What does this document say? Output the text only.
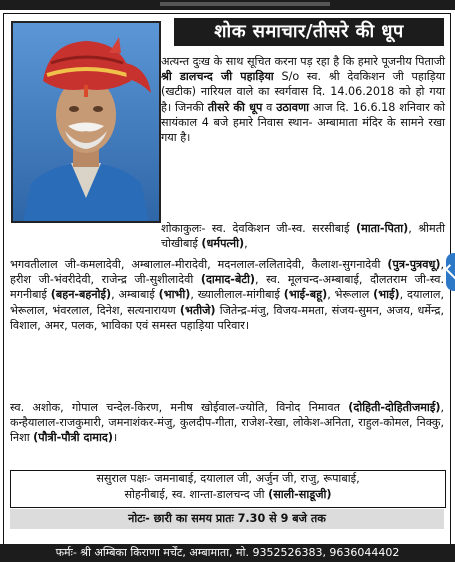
शोक समाचार/तीसरे की धूप
अत्यन्त दुःख के साथ सूचित करना पड़ रहा है कि हमारे पूजनीय पिताजी श्री डालचन्द जी पहाड़िया S/o स्व. श्री देवकिशन जी पहाड़िया (खटीक) नारियल वाले का स्वर्गवास दि. 14.06.2018 को हो गया है। जिनकी तीसरे की धूप व उठावणा आज दि. 16.6.18 शनिवार को सायंकाल 4 बजे हमारे निवास स्थान- अम्बामाता मंदिर के सामने रखा गया है।
शोकाकुलः- स्व. देवकिशन जी-स्व. सरसीबाई (माता-पिता), श्रीमती चोखीबाई (धर्मपत्नी),
भगवतीलाल जी-कमलादेवी, अम्बालाल-मीरादेवी, मदनलाल-ललितादेवी, कैलाश-सुगनादेवी (पुत्र-पुत्रवधू), हरीश जी-भंवरीदेवी, राजेन्द्र जी-सुशीलादेवी (दामाद-बेटी), स्व. मूलचन्द-अम्बाबाई, दौलतराम जी-स्व. मगनीबाई (बहन-बहनोई), अम्बाबाई (भाभी), ख्यालीलाल-मांगीबाई (भाई-बहू), भेरूलाल (भाई), दयालाल, भेरूलाल, भंवरलाल, दिनेश, सत्यनारायण (भतीजे) जितेन्द्र-मंजु, विजय-ममता, संजय-सुमन, अजय, धर्मेन्द्र, विशाल, अमर, पलक, भाविका एवं समस्त पहाड़िया परिवार।
स्व. अशोक, गोपाल चन्देल-किरण, मनीष खोईवाल-ज्योति, विनोद निमावत (दोहिती-दोहितीजमाई), कन्हैयालाल-राजकुमारी, जमनाशंकर-मंजु, कुलदीप-गीता, राजेश-रेखा, लोकेश-अनिता, राहुल-कोमल, निक्कु, निशा (पौत्री-पौत्री दामाद)।
ससुराल पक्षः- जमनाबाई, दयालाल जी, अर्जुन जी, राजु, रूपाबाई,
सोहनीबाई, स्व. शान्ता-डालचन्द जी (साली-साडूजी)
नोटः- छारी का समय प्रातः 7.30 से 9 बजे तक
फर्मः- श्री अम्बिका किराणा मर्चेंट, अम्बामाता, मो. 9352526383, 9636044402
